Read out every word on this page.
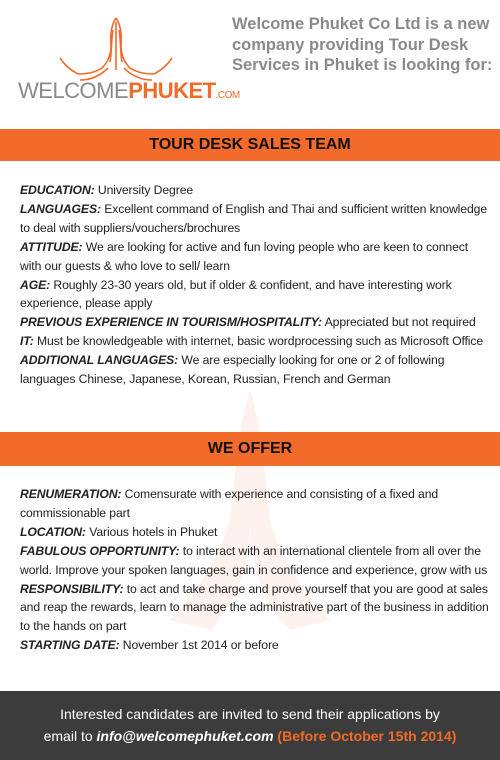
WELCOMEPHUKET.COM
Welcome Phuket Co Ltd is a new company providing Tour Desk Services in Phuket is looking for:
TOUR DESK SALES TEAM

EDUCATION: University Degree

LANGUAGES: Excellent command of English and Thai and sufficient written knowledge to deal with suppliers/vouchers/brochures

ATTITUDE: We are looking for active and fun loving people who are keen to connect with our guests & who love to sell/ learn

AGE: Roughly 23-30 years old, but if older & confident, and have interesting work experience, please apply

PREVIOUS EXPERIENCE IN TOURISM/HOSPITALITY: Appreciated but not required

IT: Must be knowledgeable with internet, basic wordprocessing such as Microsoft Office

ADDITIONAL LANGUAGES: We are especially looking for one or 2 of following languages Chinese, Japanese, Korean, Russian, French and German

WE OFFER

RENUMERATION: Comensurate with experience and consisting of a fixed and commissionable part

LOCATION: Various hotels in Phuket

FABULOUS OPPORTUNITY: to interact with an international clientele from all over the world. Improve your spoken languages, gain in confidence and experience, grow with us

RESPONSIBILITY: to act and take charge and prove yourself that you are good at sales and reap the rewards, learn to manage the administrative part of the business in addition to the hands on part

STARTING DATE: November 1st 2014 or before

Interested candidates are invited to send their applications by
email to info@welcomephuket.com (Before October 15th 2014)
